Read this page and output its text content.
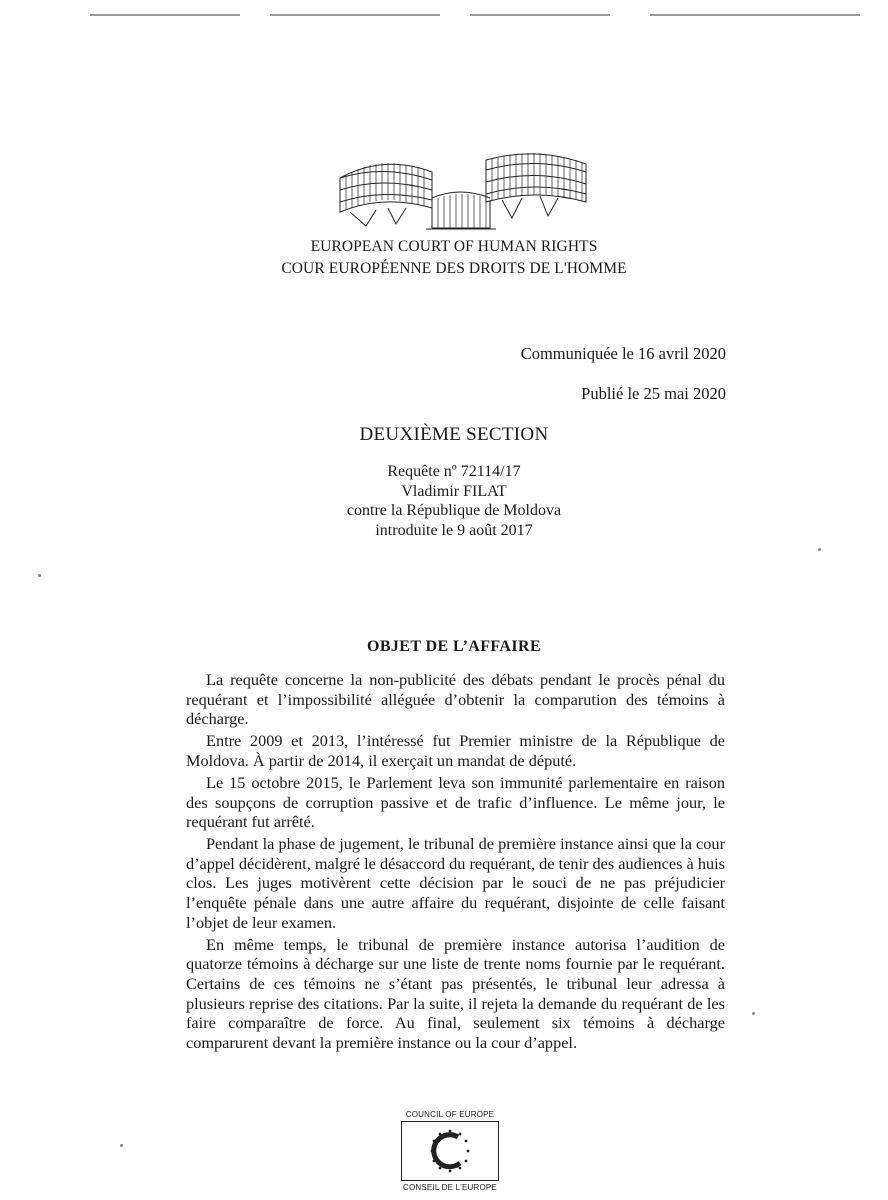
EUROPEAN COURT OF HUMAN RIGHTS
COUR EUROPÉENNE DES DROITS DE L'HOMME
Communiquée le 16 avril 2020
Publié le 25 mai 2020
DEUXIÈME SECTION
Requête nº 72114/17
Vladimir FILAT
contre la République de Moldova
introduite le 9 août 2017
OBJET DE L’AFFAIRE

La requête concerne la non-publicité des débats pendant le procès pénal du requérant et l’impossibilité alléguée d’obtenir la comparution des témoins à décharge.

Entre 2009 et 2013, l’intéressé fut Premier ministre de la République de Moldova. À partir de 2014, il exerçait un mandat de député.

Le 15 octobre 2015, le Parlement leva son immunité parlementaire en raison des soupçons de corruption passive et de trafic d’influence. Le même jour, le requérant fut arrêté.

Pendant la phase de jugement, le tribunal de première instance ainsi que la cour d’appel décidèrent, malgré le désaccord du requérant, de tenir des audiences à huis clos. Les juges motivèrent cette décision par le souci de ne pas préjudicier l’enquête pénale dans une autre affaire du requérant, disjointe de celle faisant l’objet de leur examen.

En même temps, le tribunal de première instance autorisa l’audition de quatorze témoins à décharge sur une liste de trente noms fournie par le requérant. Certains de ces témoins ne s’étant pas présentés, le tribunal leur adressa à plusieurs reprise des citations. Par la suite, il rejeta la demande du requérant de les faire comparaître de force. Au final, seulement six témoins à décharge comparurent devant la première instance ou la cour d’appel.

COUNCIL OF EUROPE
CONSEIL DE L'EUROPE
